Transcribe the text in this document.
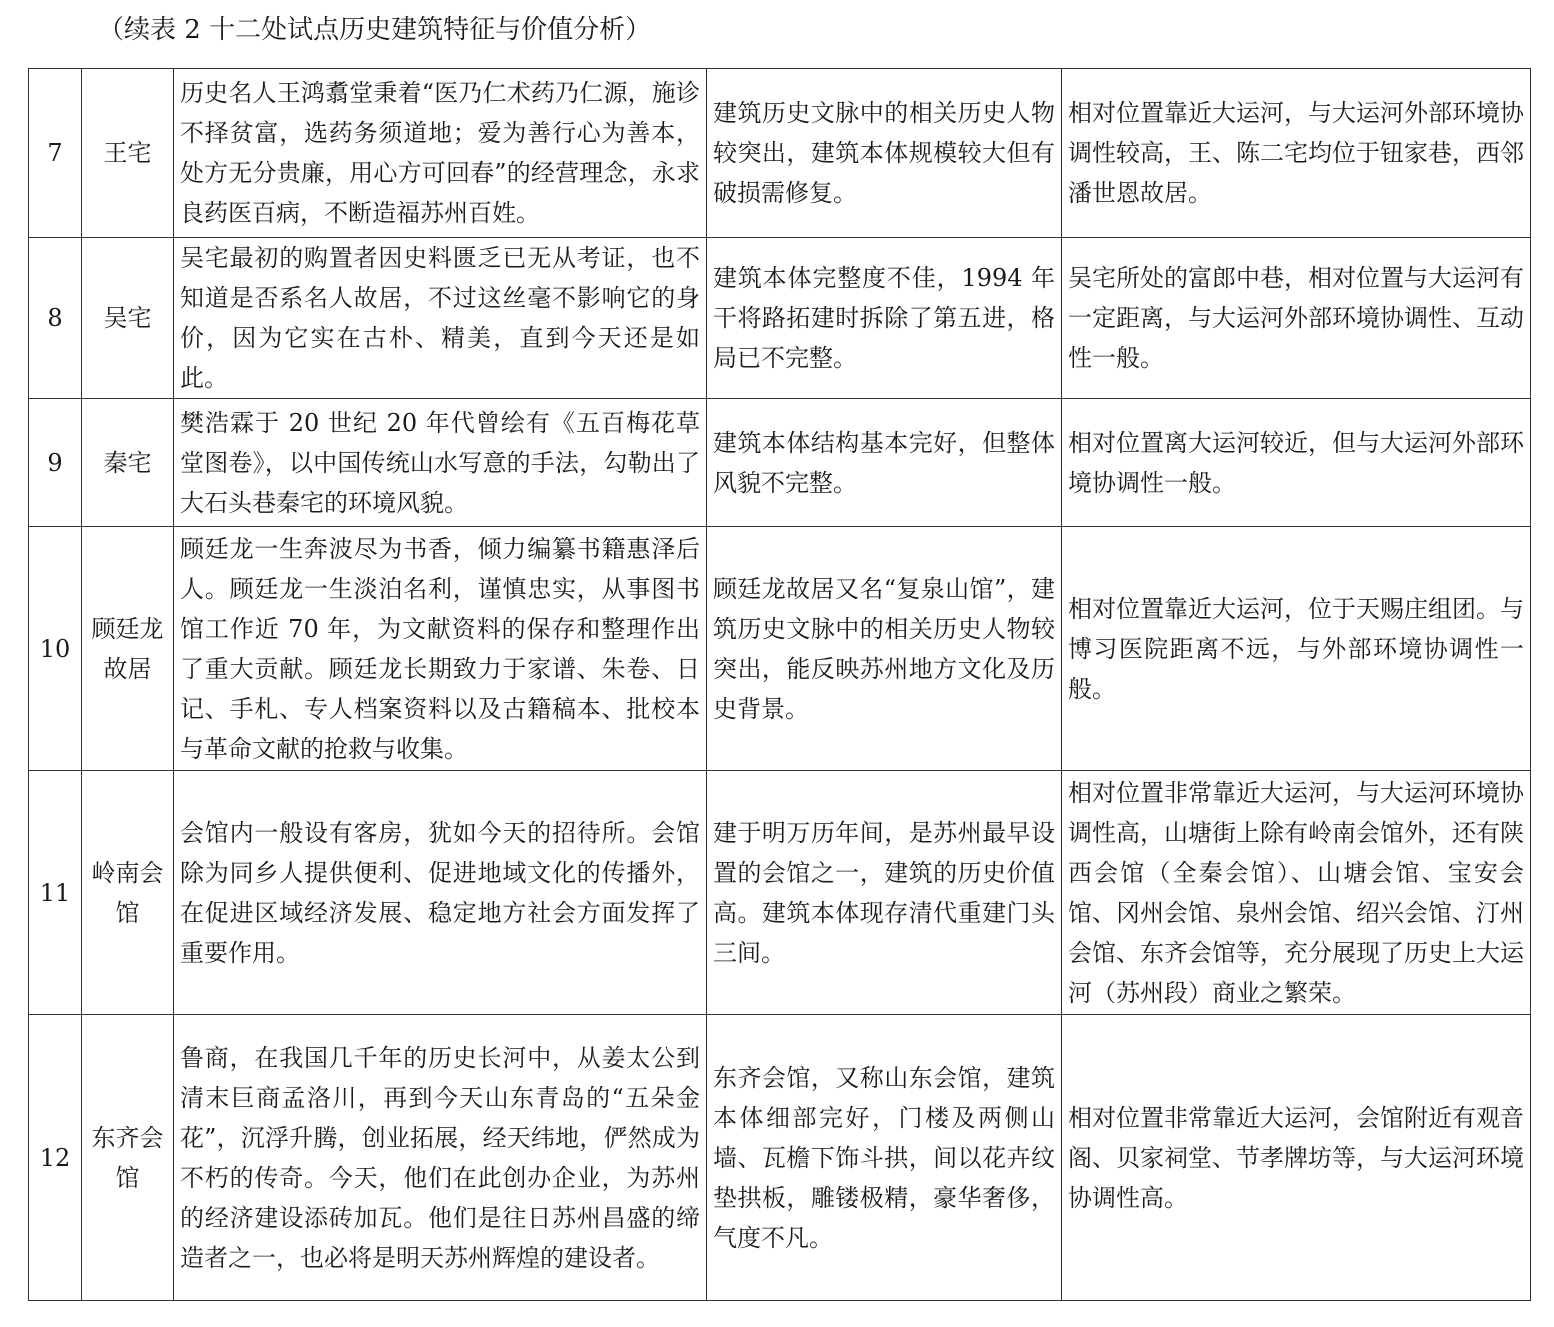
（续表 2 十二处试点历史建筑特征与价值分析）
7	王宅	历史名人王鸿翥堂秉着“医乃仁术药乃仁源，施诊不择贫富，选药务须道地；爱为善行心为善本，处方无分贵廉，用心方可回春”的经营理念，永求良药医百病，不断造福苏州百姓。	建筑历史文脉中的相关历史人物较突出，建筑本体规模较大但有破损需修复。	相对位置靠近大运河，与大运河外部环境协调性较高，王、陈二宅均位于钮家巷，西邻潘世恩故居。
8	吴宅	吴宅最初的购置者因史料匮乏已无从考证，也不知道是否系名人故居，不过这丝毫不影响它的身价，因为它实在古朴、精美，直到今天还是如此。	建筑本体完整度不佳，1994 年干将路拓建时拆除了第五进，格局已不完整。	吴宅所处的富郎中巷，相对位置与大运河有一定距离，与大运河外部环境协调性、互动性一般。
9	秦宅	樊浩霖于 20 世纪 20 年代曾绘有《五百梅花草堂图卷》，以中国传统山水写意的手法，勾勒出了大石头巷秦宅的环境风貌。	建筑本体结构基本完好，但整体风貌不完整。	相对位置离大运河较近，但与大运河外部环境协调性一般。
10	顾廷龙故居	顾廷龙一生奔波尽为书香，倾力编纂书籍惠泽后人。顾廷龙一生淡泊名利，谨慎忠实，从事图书馆工作近 70 年，为文献资料的保存和整理作出了重大贡献。顾廷龙长期致力于家谱、朱卷、日记、手札、专人档案资料以及古籍稿本、批校本与革命文献的抢救与收集。	顾廷龙故居又名“复泉山馆”，建筑历史文脉中的相关历史人物较突出，能反映苏州地方文化及历史背景。	相对位置靠近大运河，位于天赐庄组团。与博习医院距离不远，与外部环境协调性一般。
11	岭南会馆	会馆内一般设有客房，犹如今天的招待所。会馆除为同乡人提供便利、促进地域文化的传播外，在促进区域经济发展、稳定地方社会方面发挥了重要作用。	建于明万历年间，是苏州最早设置的会馆之一，建筑的历史价值高。建筑本体现存清代重建门头三间。	相对位置非常靠近大运河，与大运河环境协调性高，山塘街上除有岭南会馆外，还有陕西会馆（全秦会馆）、山塘会馆、宝安会馆、冈州会馆、泉州会馆、绍兴会馆、汀州会馆、东齐会馆等，充分展现了历史上大运河（苏州段）商业之繁荣。
12	东齐会馆	鲁商，在我国几千年的历史长河中，从姜太公到清末巨商孟洛川，再到今天山东青岛的“五朵金花”，沉浮升腾，创业拓展，经天纬地，俨然成为不朽的传奇。今天，他们在此创办企业，为苏州的经济建设添砖加瓦。他们是往日苏州昌盛的缔造者之一，也必将是明天苏州辉煌的建设者。	东齐会馆，又称山东会馆，建筑本体细部完好，门楼及两侧山墙、瓦檐下饰斗拱，间以花卉纹垫拱板，雕镂极精，豪华奢侈，气度不凡。	相对位置非常靠近大运河，会馆附近有观音阁、贝家祠堂、节孝牌坊等，与大运河环境协调性高。
